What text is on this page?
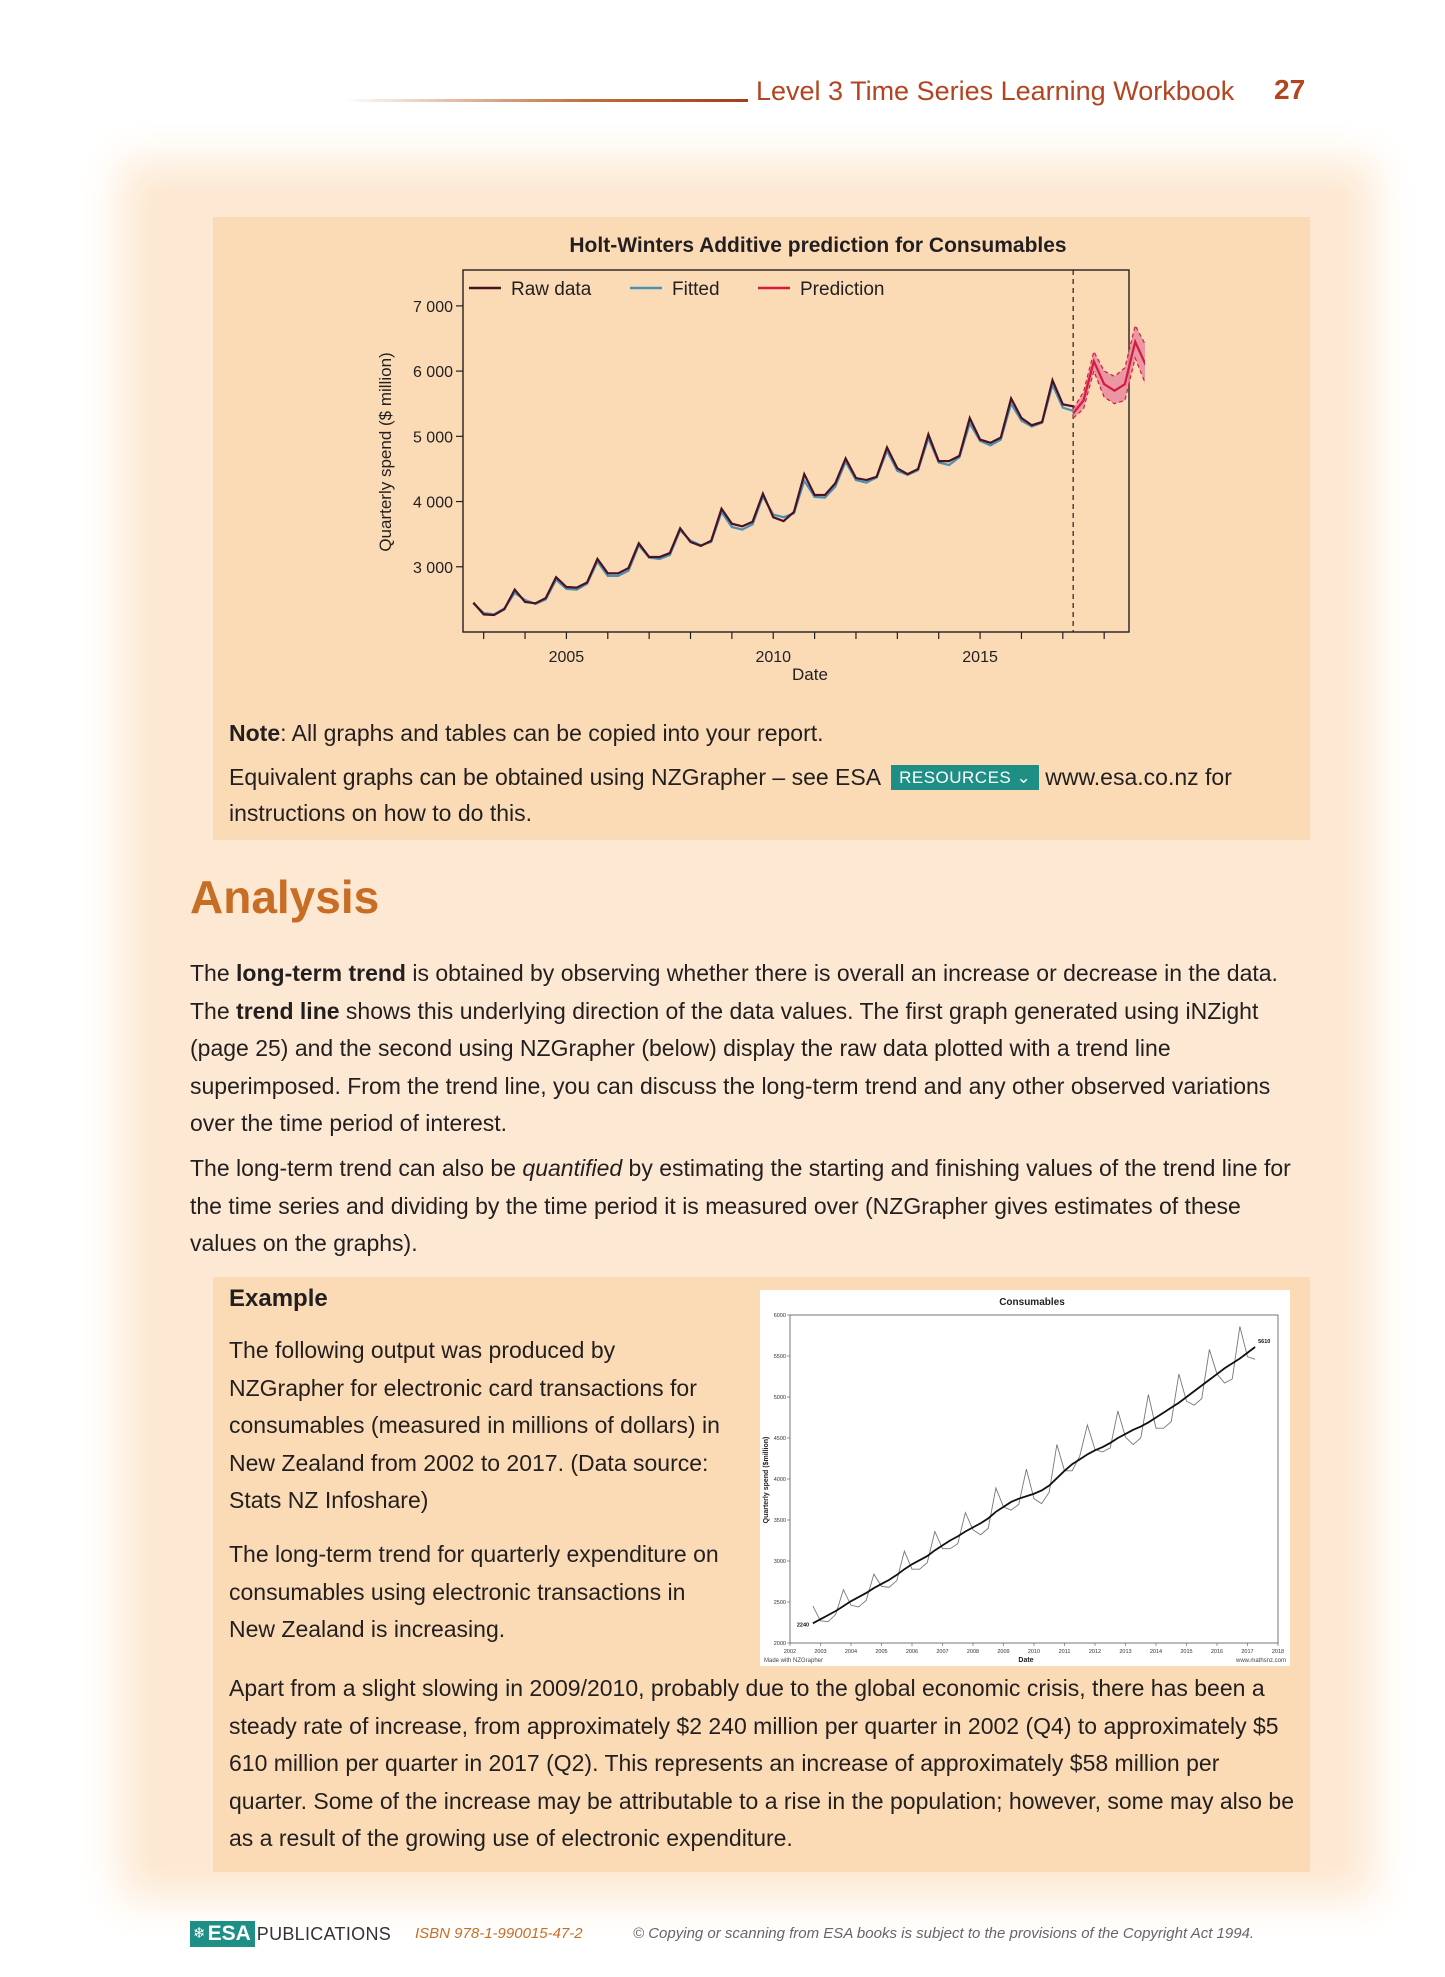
Level 3 Time Series Learning Workbook 27
Holt-Winters Additive prediction for Consumables
3 000
4 000
5 000
6 000
7 000
2005	2010	2015
Raw data	Fitted	Prediction
Date
Quarterly spend ($ million)
Note: All graphs and tables can be copied into your report.
Equivalent graphs can be obtained using NZGrapher – see ESA RESOURCES ⌄ www.esa.co.nz for instructions on how to do this.
Analysis

The long-term trend is obtained by observing whether there is overall an increase or decrease in the data. The trend line shows this underlying direction of the data values. The first graph generated using iNZight (page 25) and the second using NZGrapher (below) display the raw data plotted with a trend line superimposed. From the trend line, you can discuss the long-term trend and any other observed variations over the time period of interest.

The long-term trend can also be quantified by estimating the starting and finishing values of the trend line for the time series and dividing by the time period it is measured over (NZGrapher gives estimates of these values on the graphs).

Example

The following output was produced by NZGrapher for electronic card transactions for consumables (measured in millions of dollars) in New Zealand from 2002 to 2017. (Data source: Stats NZ Infoshare)

The long-term trend for quarterly expenditure on consumables using electronic transactions in New Zealand is increasing.

Apart from a slight slowing in 2009/2010, probably due to the global economic crisis, there has been a steady rate of increase, from approximately $2 240 million per quarter in 2002 (Q4) to approximately $5 610 million per quarter in 2017 (Q2). This represents an increase of approximately $58 million per quarter. Some of the increase may be attributable to a rise in the population; however, some may also be as a result of the growing use of electronic expenditure.

Consumables
2000
2500
3000
3500
4000
4500
5000
5500
6000
2002	2003	2004	2005	2006	2007	2008	2009	2010	2011	2012	2013	2014	2015	2016	2017	2018
2240
5610
Date
Quarterly spend ($million)
Made with NZGrapher	www.mathsnz.com
❄ ESA PUBLICATIONS ISBN 978-1-990015-47-2	© Copying or scanning from ESA books is subject to the provisions of the Copyright Act 1994.
